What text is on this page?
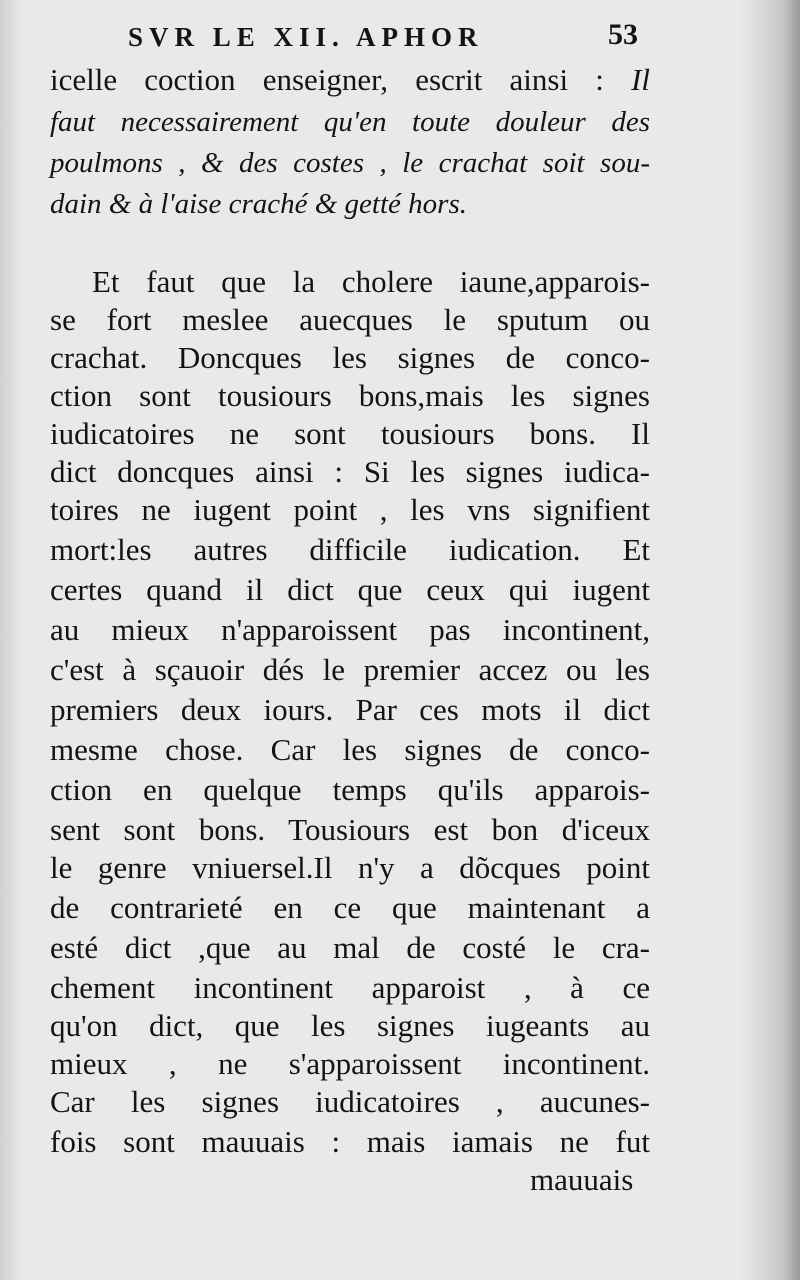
SVR LE XII. APHOR	53
icelle coction enseigner, escrit ainsi : Il
faut necessairement qu'en toute douleur des
poulmons , & des costes , le crachat soit sou-
dain & à l'aise craché & getté hors.
Et faut que la cholere iaune,apparois-
se fort meslee auecques le sputum ou
crachat. Doncques les signes de conco-
ction sont tousiours bons,mais les signes
iudicatoires ne sont tousiours bons. Il
dict doncques ainsi : Si les signes iudica-
toires ne iugent point , les vns signifient
mort:les autres difficile iudication. Et
certes quand il dict que ceux qui iugent
au mieux n'apparoissent pas incontinent,
c'est à sçauoir dés le premier accez ou les
premiers deux iours. Par ces mots il dict
mesme chose. Car les signes de conco-
ction en quelque temps qu'ils apparois-
sent sont bons. Tousiours est bon d'iceux
le genre vniuersel.Il n'y a dõcques point
de contrarieté en ce que maintenant a
esté dict ,que au mal de costé le cra-
chement incontinent apparoist , à ce
qu'on dict, que les signes iugeants au
mieux , ne s'apparoissent incontinent.
Car les signes iudicatoires , aucunes-
fois sont mauuais : mais iamais ne fut
mauuais
